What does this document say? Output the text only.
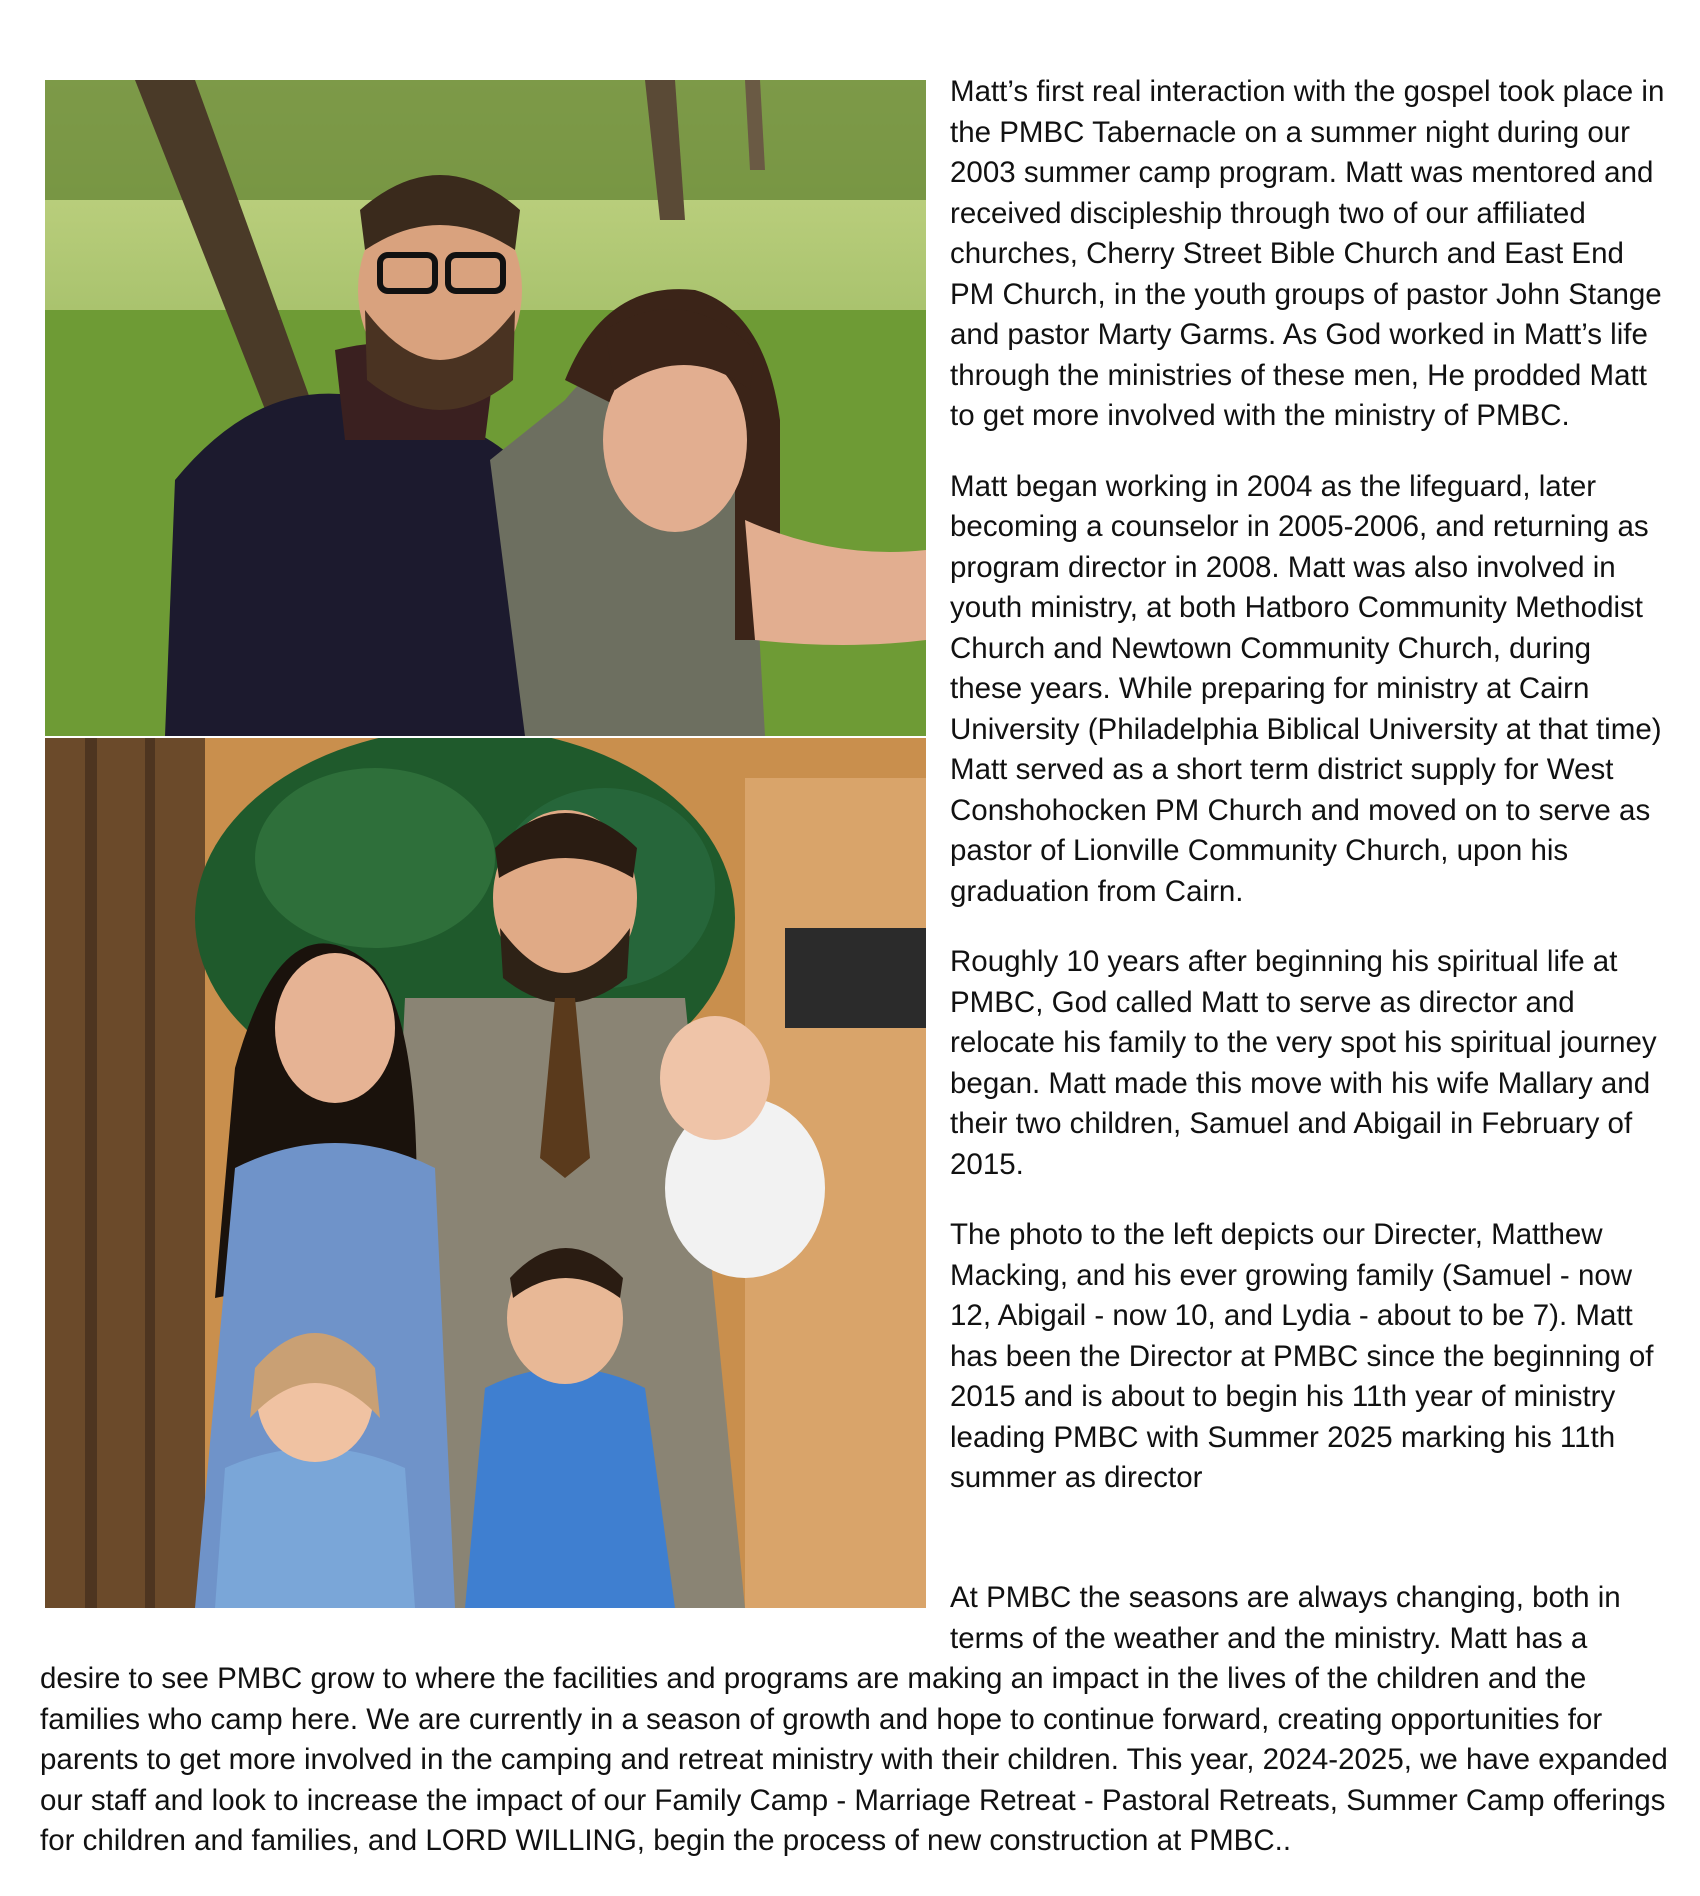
Matt’s first real interaction with the gospel took place in the PMBC Tabernacle on a summer night during our 2003 summer camp program. Matt was mentored and received discipleship through two of our affiliated churches, Cherry Street Bible Church and East End PM Church, in the youth groups of pastor John Stange and pastor Marty Garms. As God worked in Matt’s life through the ministries of these men, He prodded Matt to get more involved with the ministry of PMBC.

Matt began working in 2004 as the lifeguard, later becoming a counselor in 2005-2006, and returning as program director in 2008. Matt was also involved in youth ministry, at both Hatboro Community Methodist Church and Newtown Community Church, during these years. While preparing for ministry at Cairn University (Philadelphia Biblical University at that time) Matt served as a short term district supply for West Conshohocken PM Church and moved on to serve as pastor of Lionville Community Church, upon his graduation from Cairn.

Roughly 10 years after beginning his spiritual life at PMBC, God called Matt to serve as director and relocate his family to the very spot his spiritual journey began. Matt made this move with his wife Mallary and their two children, Samuel and Abigail in February of 2015.

The photo to the left depicts our Directer, Matthew Macking, and his ever growing family (Samuel - now 12, Abigail - now 10, and Lydia - about to be 7). Matt has been the Director at PMBC since the beginning of 2015 and is about to begin his 11th year of ministry leading PMBC with Summer 2025 marking his 11th summer as director

At PMBC the seasons are always changing, both in terms of the weather and the ministry. Matt has a
desire to see PMBC grow to where the facilities and programs are making an impact in the lives of the children and the families who camp here. We are currently in a season of growth and hope to continue forward, creating opportunities for parents to get more involved in the camping and retreat ministry with their children. This year, 2024-2025, we have expanded our staff and look to increase the impact of our Family Camp - Marriage Retreat - Pastoral Retreats, Summer Camp offerings for children and families, and LORD WILLING, begin the process of new construction at PMBC..
